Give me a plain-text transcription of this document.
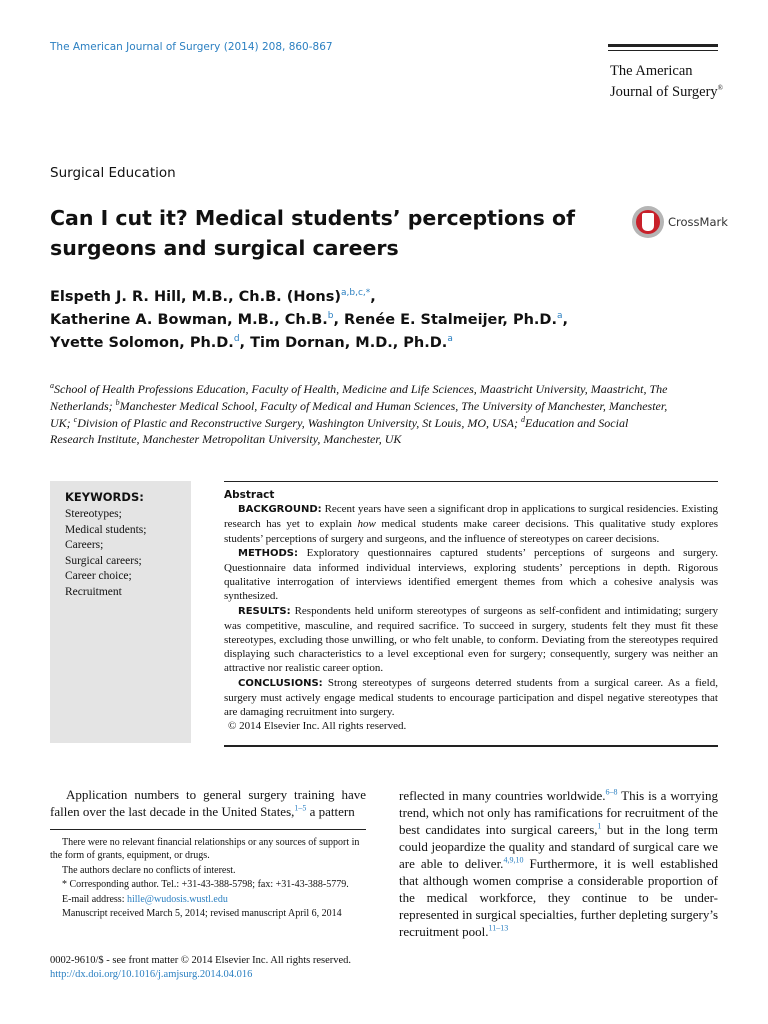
The American Journal of Surgery (2014) 208, 860-867
The American
Journal of Surgery®
Surgical Education
Can I cut it? Medical students’ perceptions of surgeons and surgical careers
CrossMark
Elspeth J. R. Hill, M.B., Ch.B. (Hons)$^{a,b,c,*}$,
Katherine A. Bowman, M.B., Ch.B.$^b$, Renée E. Stalmeijer, Ph.D.$^a$,
Yvette Solomon, Ph.D.$^d$, Tim Dornan, M.D., Ph.D.$^a$
$^a$School of Health Professions Education, Faculty of Health, Medicine and Life Sciences, Maastricht University, Maastricht, The Netherlands; $^b$Manchester Medical School, Faculty of Medical and Human Sciences, The University of Manchester, Manchester, UK; $^c$Division of Plastic and Reconstructive Surgery, Washington University, St Louis, MO, USA; $^d$Education and Social Research Institute, Manchester Metropolitan University, Manchester, UK
KEYWORDS:
Stereotypes;
Medical students;
Careers;
Surgical careers;
Career choice;
Recruitment
Abstract

BACKGROUND: Recent years have seen a significant drop in applications to surgical residencies. Existing research has yet to explain how medical students make career decisions. This qualitative study explores students’ perceptions of surgery and surgeons, and the influence of stereotypes on career decisions.

METHODS: Exploratory questionnaires captured students’ perceptions of surgeons and surgery. Questionnaire data informed individual interviews, exploring students’ perceptions in depth. Rigorous qualitative interrogation of interviews identified emergent themes from which a cohesive analysis was synthesized.

RESULTS: Respondents held uniform stereotypes of surgeons as self-confident and intimidating; surgery was competitive, masculine, and required sacrifice. To succeed in surgery, students felt they must fit these stereotypes, excluding those unwilling, or who felt unable, to conform. Deviating from the stereotypes required displaying such characteristics to a level exceptional even for surgery; consequently, surgery was neither an attractive nor realistic career option.

CONCLUSIONS: Strong stereotypes of surgeons deterred students from a surgical career. As a field, surgery must actively engage medical students to encourage participation and dispel negative stereotypes that are damaging recruitment into surgery.

© 2014 Elsevier Inc. All rights reserved.

Application numbers to general surgery training have fallen over the last decade in the United States,$^{1-5}$ a pattern

There were no relevant financial relationships or any sources of support in the form of grants, equipment, or drugs.

The authors declare no conflicts of interest.

* Corresponding author. Tel.: +31-43-388-5798; fax: +31-43-388-5779.

E-mail address: hille@wudosis.wustl.edu

Manuscript received March 5, 2014; revised manuscript April 6, 2014

0002-9610/$ - see front matter © 2014 Elsevier Inc. All rights reserved.
http://dx.doi.org/10.1016/j.amjsurg.2014.04.016

reflected in many countries worldwide.$^{6-8}$ This is a worrying trend, which not only has ramifications for recruitment of the best candidates into surgical careers,$^1$ but in the long term could jeopardize the quality and standard of surgical care we are able to deliver.$^{4,9,10}$ Furthermore, it is well established that although women comprise a considerable proportion of the medical workforce, they continue to be under-represented in surgical specialties, further depleting surgery’s recruitment pool.$^{11-13}$
